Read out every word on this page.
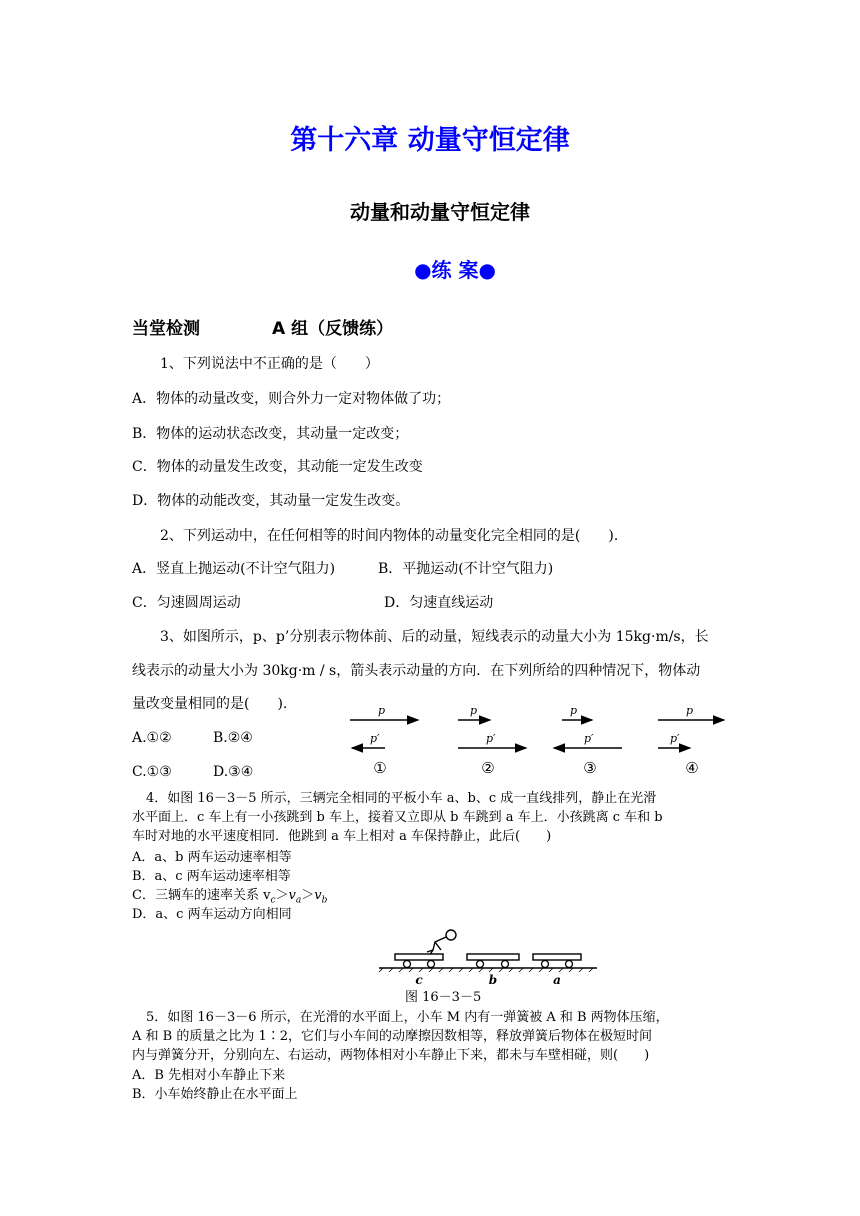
第十六章 动量守恒定律
动量和动量守恒定律
●练 案●
当堂检测	A 组（反馈练）
1、下列说法中不正确的是（　　）
A．物体的动量改变，则合外力一定对物体做了功；
B．物体的运动状态改变，其动量一定改变；
C．物体的动量发生改变，其动能一定发生改变
D．物体的动能改变，其动量一定发生改变。
2、下列运动中，在任何相等的时间内物体的动量变化完全相同的是(　　)．
A．竖直上抛运动(不计空气阻力)	B．平抛运动(不计空气阻力)
C．匀速圆周运动	D．匀速直线运动
3、如图所示，p、p’分别表示物体前、后的动量，短线表示的动量大小为 15kg·m/s，长
线表示的动量大小为 30kg·m / s，箭头表示动量的方向．在下列所给的四种情况下，物体动
量改变量相同的是(　　).
A.①②	B.②④
C.①③	D.③④
p
p′
p
p′
p
p′
p
p′
①	②	③	④
4．如图 16－3－5 所示，三辆完全相同的平板小车 a、b、c 成一直线排列，静止在光滑
水平面上．c 车上有一小孩跳到 b 车上，接着又立即从 b 车跳到 a 车上．小孩跳离 c 车和 b
车时对地的水平速度相同．他跳到 a 车上相对 a 车保持静止，此后(　　)
A．a、b 两车运动速率相等
B．a、c 两车运动速率相等
C．三辆车的速率关系 $v_c>v_a>v_b$
D．a、c 两车运动方向相同
c	b	a
图 16－3－5
5．如图 16－3－6 所示，在光滑的水平面上，小车 M 内有一弹簧被 A 和 B 两物体压缩，
A 和 B 的质量之比为 1∶2，它们与小车间的动摩擦因数相等，释放弹簧后物体在极短时间
内与弹簧分开，分别向左、右运动，两物体相对小车静止下来，都未与车壁相碰，则(　　)
A．B 先相对小车静止下来
B．小车始终静止在水平面上
